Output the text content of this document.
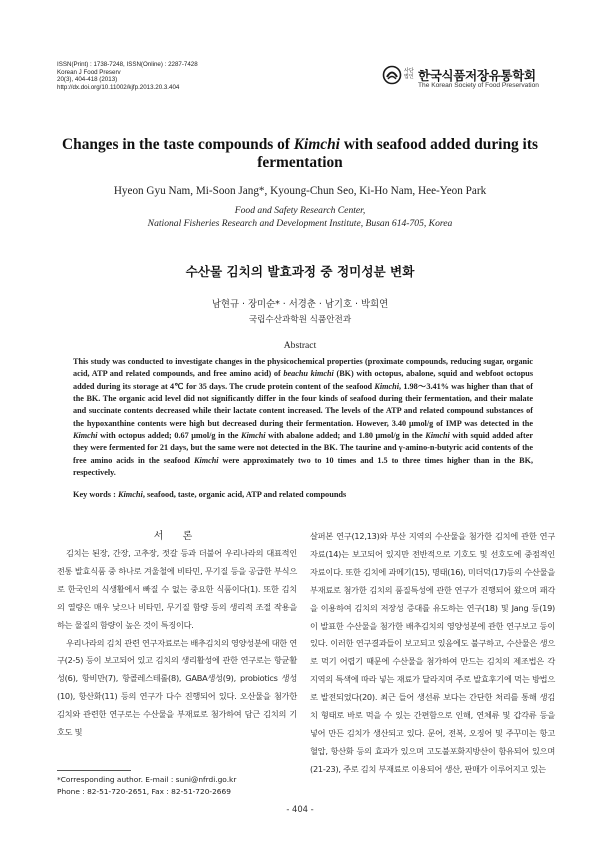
ISSN(Print) : 1738-7248, ISSN(Online) : 2287-7428
Korean J Food Preserv
20(3), 404-418 (2013)
http://dx.doi.org/10.11002/kjfp.2013.20.3.404
사단법인 한국식품저장유통학회
The Korean Society of Food Preservation
Changes in the taste compounds of Kimchi with seafood added during its fermentation
Hyeon Gyu Nam, Mi-Soon Jang*, Kyoung-Chun Seo, Ki-Ho Nam, Hee-Yeon Park
Food and Safety Research Center,
National Fisheries Research and Development Institute, Busan 614-705, Korea
수산물 김치의 발효과정 중 정미성분 변화
남현규 · 장미순* · 서경춘 · 남기호 · 박희연
국립수산과학원 식품안전과
Abstract
This study was conducted to investigate changes in the physicochemical properties (proximate compounds, reducing sugar, organic acid, ATP and related compounds, and free amino acid) of beachu kimchi (BK) with octopus, abalone, squid and webfoot octopus added during its storage at 4℃ for 35 days. The crude protein content of the seafood Kimchi, 1.98～3.41% was higher than that of the BK. The organic acid level did not significantly differ in the four kinds of seafood during their fermentation, and their malate and succinate contents decreased while their lactate content increased. The levels of the ATP and related compound substances of the hypoxanthine contents were high but decreased during their fermentation. However, 3.40 μmol/g of IMP was detected in the Kimchi with octopus added; 0.67 μmol/g in the Kimchi with abalone added; and 1.80 μmol/g in the Kimchi with squid added after they were fermented for 21 days, but the same were not detected in the BK. The taurine and γ-amino-n-butyric acid contents of the free amino acids in the seafood Kimchi were approximately two to 10 times and 1.5 to three times higher than in the BK, respectively.
Key words : Kimchi, seafood, taste, organic acid, ATP and related compounds
서 론

김치는 된장, 간장, 고추장, 젓갈 등과 더불어 우리나라의 대표적인 전통 발효식품 중 하나로 겨울철에 비타민, 무기질 등을 공급한 부식으로 한국인의 식생활에서 빠질 수 없는 중요한 식품이다(1). 또한 김치의 열량은 매우 낮으나 비타민, 무기질 함량 등의 생리적 조절 작용을 하는 물질의 함량이 높은 것이 특징이다.

우리나라의 김치 관련 연구자료로는 배추김치의 영양성분에 대한 연구(2-5) 등이 보고되어 있고 김치의 생리활성에 관한 연구로는 항균활성(6), 항비만(7), 항콜레스테롤(8), GABA생성(9), probiotics 생성(10), 항산화(11) 등의 연구가 다수 진행되어 있다. 오산물을 첨가한 김치와 관련한 연구로는 수산물을 부재료로 첨가하여 담근 김치의 기호도 및

살퍼본 연구(12,13)와 부산 지역의 수산물을 첨가한 김치에 관한 연구자료(14)는 보고되어 있지만 전반적으로 기호도 및 선호도에 중점적인 자료이다. 또한 김치에 과메기(15), 명태(16), 미더덕(17)등의 수산물을 부재료로 첨가한 김치의 품질특성에 관한 연구가 진행되어 왔으며 패각을 이용하여 김치의 저장성 증대를 유도하는 연구(18) 및 Jang 등(19)이 발표한 수산물을 첨가한 배추김치의 영양성분에 관한 연구보고 등이 있다. 이러한 연구결과들이 보고되고 있음에도 불구하고, 수산물은 생으로 먹기 어렵기 때문에 수산물을 첨가하여 만드는 김치의 제조법은 각 지역의 특색에 따라 넣는 재료가 달라지며 주로 발효후기에 먹는 방법으로 발전되었다(20). 최근 들어 생선류 보다는 간단한 처리를 통해 생김치 형태로 바로 먹을 수 있는 간편함으로 인해, 연체류 및 갑각류 등을 넣어 만든 김치가 생산되고 있다. 문어, 전복, 오징어 및 주꾸미는 항고혈압, 항산화 등의 효과가 있으며 고도불포화지방산이 함유되어 있으며(21-23), 주로 김치 부재료로 이용되어 생산, 판매가 이루어지고 있는

*Corresponding author. E-mail : suni@nfrdi.go.kr
Phone : 82-51-720-2651, Fax : 82-51-720-2669
- 404 -
